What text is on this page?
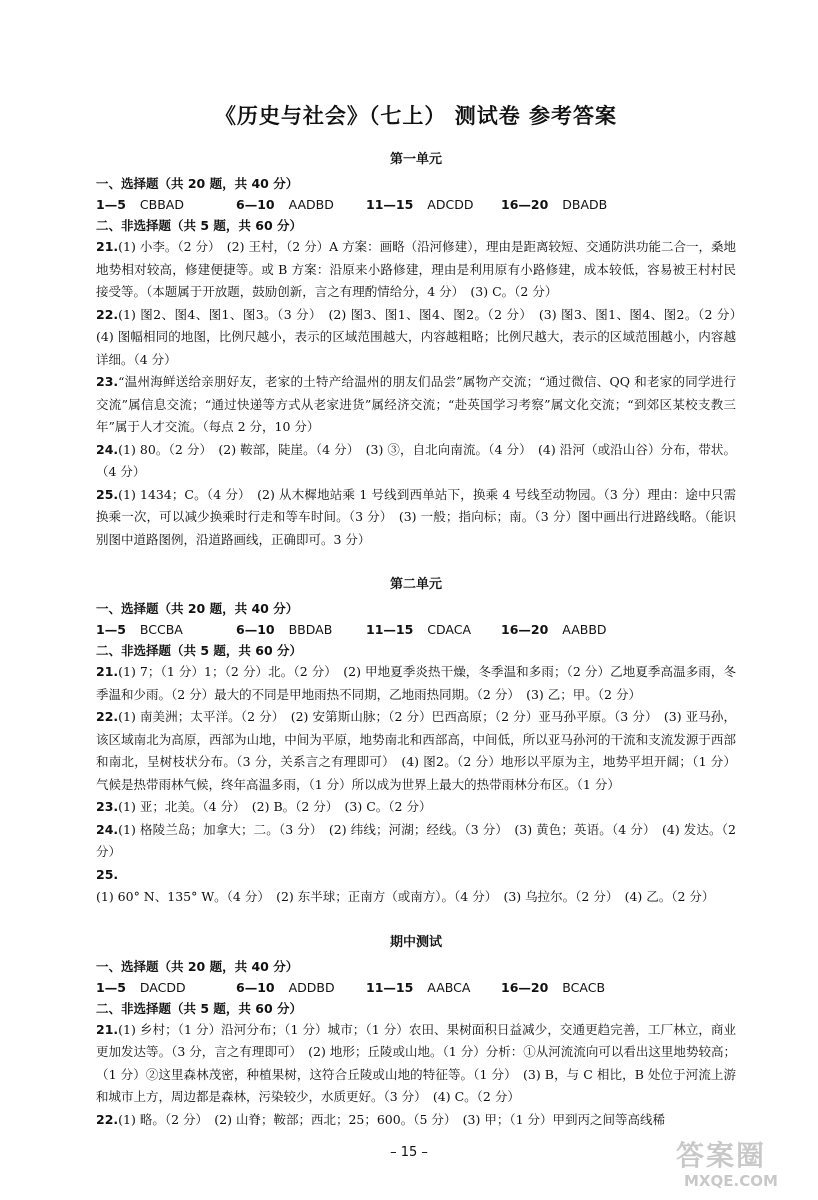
《历史与社会》（七上） 测试卷 参考答案
第一单元
一、选择题（共 20 题，共 40 分）
1—5 CBBAD	6—10 AADBD	11—15 ADCDD	16—20 DBADB
二、非选择题（共 5 题，共 60 分）

21.(1) 小李。（2 分）　(2) 王村，（2 分）A 方案：画略（沿河修建），理由是距离较短、交通防洪功能二合一，桑地地势相对较高，修建便捷等。或 B 方案：沿原来小路修建，理由是利用原有小路修建，成本较低，容易被王村村民接受等。（本题属于开放题，鼓励创新，言之有理酌情给分，4 分）　(3) C。（2 分）

22.(1) 图2、图4、图1、图3。（3 分）　(2) 图3、图1、图4、图2。（2 分）　(3) 图3、图1、图4、图2。（2 分）　(4) 图幅相同的地图，比例尺越小，表示的区域范围越大，内容越粗略；比例尺越大，表示的区域范围越小，内容越详细。（4 分）

23.“温州海鲜送给亲朋好友，老家的土特产给温州的朋友们品尝”属物产交流；“通过微信、QQ 和老家的同学进行交流”属信息交流；“通过快递等方式从老家进货”属经济交流；“赴英国学习考察”属文化交流；“到郊区某校支教三年”属于人才交流。（每点 2 分，10 分）

24.(1) 80。（2 分）　(2) 鞍部，陡崖。（4 分）　(3) ③，自北向南流。（4 分）　(4) 沿河（或沿山谷）分布，带状。（4 分）

25.(1) 1434；C。（4 分）　(2) 从木樨地站乘 1 号线到西单站下，换乘 4 号线至动物园。（3 分）理由：途中只需换乘一次，可以减少换乘时行走和等车时间。（3 分）　(3) 一般；指向标；南。（3 分）图中画出行进路线略。（能识别图中道路图例，沿道路画线，正确即可。3 分）

第二单元
一、选择题（共 20 题，共 40 分）
1—5 BCCBA	6—10 BBDAB	11—15 CDACA	16—20 AABBD
二、非选择题（共 5 题，共 60 分）

21.(1) 7；（1 分）1；（2 分）北。（2 分）　(2) 甲地夏季炎热干燥，冬季温和多雨；（2 分）乙地夏季高温多雨，冬季温和少雨。（2 分）最大的不同是甲地雨热不同期，乙地雨热同期。（2 分）　(3) 乙；甲。（2 分）

22.(1) 南美洲；太平洋。（2 分）　(2) 安第斯山脉；（2 分）巴西高原；（2 分）亚马孙平原。（3 分）　(3) 亚马孙，该区域南北为高原，西部为山地，中间为平原，地势南北和西部高，中间低，所以亚马孙河的干流和支流发源于西部和南北，呈树枝状分布。（3 分，关系言之有理即可）　(4) 图2。（2 分）地形以平原为主，地势平坦开阔；（1 分）气候是热带雨林气候，终年高温多雨，（1 分）所以成为世界上最大的热带雨林分布区。（1 分）

23.(1) 亚；北美。（4 分）　(2) B。（2 分）　(3) C。（2 分）

24.(1) 格陵兰岛；加拿大；二。（3 分）　(2) 纬线；河湖；经线。（3 分）　(3) 黄色；英语。（4 分）　(4) 发达。（2 分）

25.(1) 60° N、135° W。（4 分）　(2) 东半球；正南方（或南方）。（4 分）　(3) 乌拉尔。（2 分）　(4) 乙。（2 分）

期中测试
一、选择题（共 20 题，共 40 分）
1—5 DACDD	6—10 ADDBD	11—15 AABCA	16—20 BCACB
二、非选择题（共 5 题，共 60 分）

21.(1) 乡村；（1 分）沿河分布；（1 分）城市；（1 分）农田、果树面积日益减少，交通更趋完善，工厂林立，商业更加发达等。（3 分，言之有理即可）　(2) 地形；丘陵或山地。（1 分）分析：①从河流流向可以看出这里地势较高；（1 分）②这里森林茂密，种植果树，这符合丘陵或山地的特征等。（1 分）　(3) B，与 C 相比，B 处位于河流上游和城市上方，周边都是森林，污染较少，水质更好。（3 分）　(4) C。（2 分）

22.(1) 略。（2 分）　(2) 山脊；鞍部；西北；25；600。（5 分）　(3) 甲；（1 分）甲到丙之间等高线稀

– 15 –	答案圈
MXQE.COM
